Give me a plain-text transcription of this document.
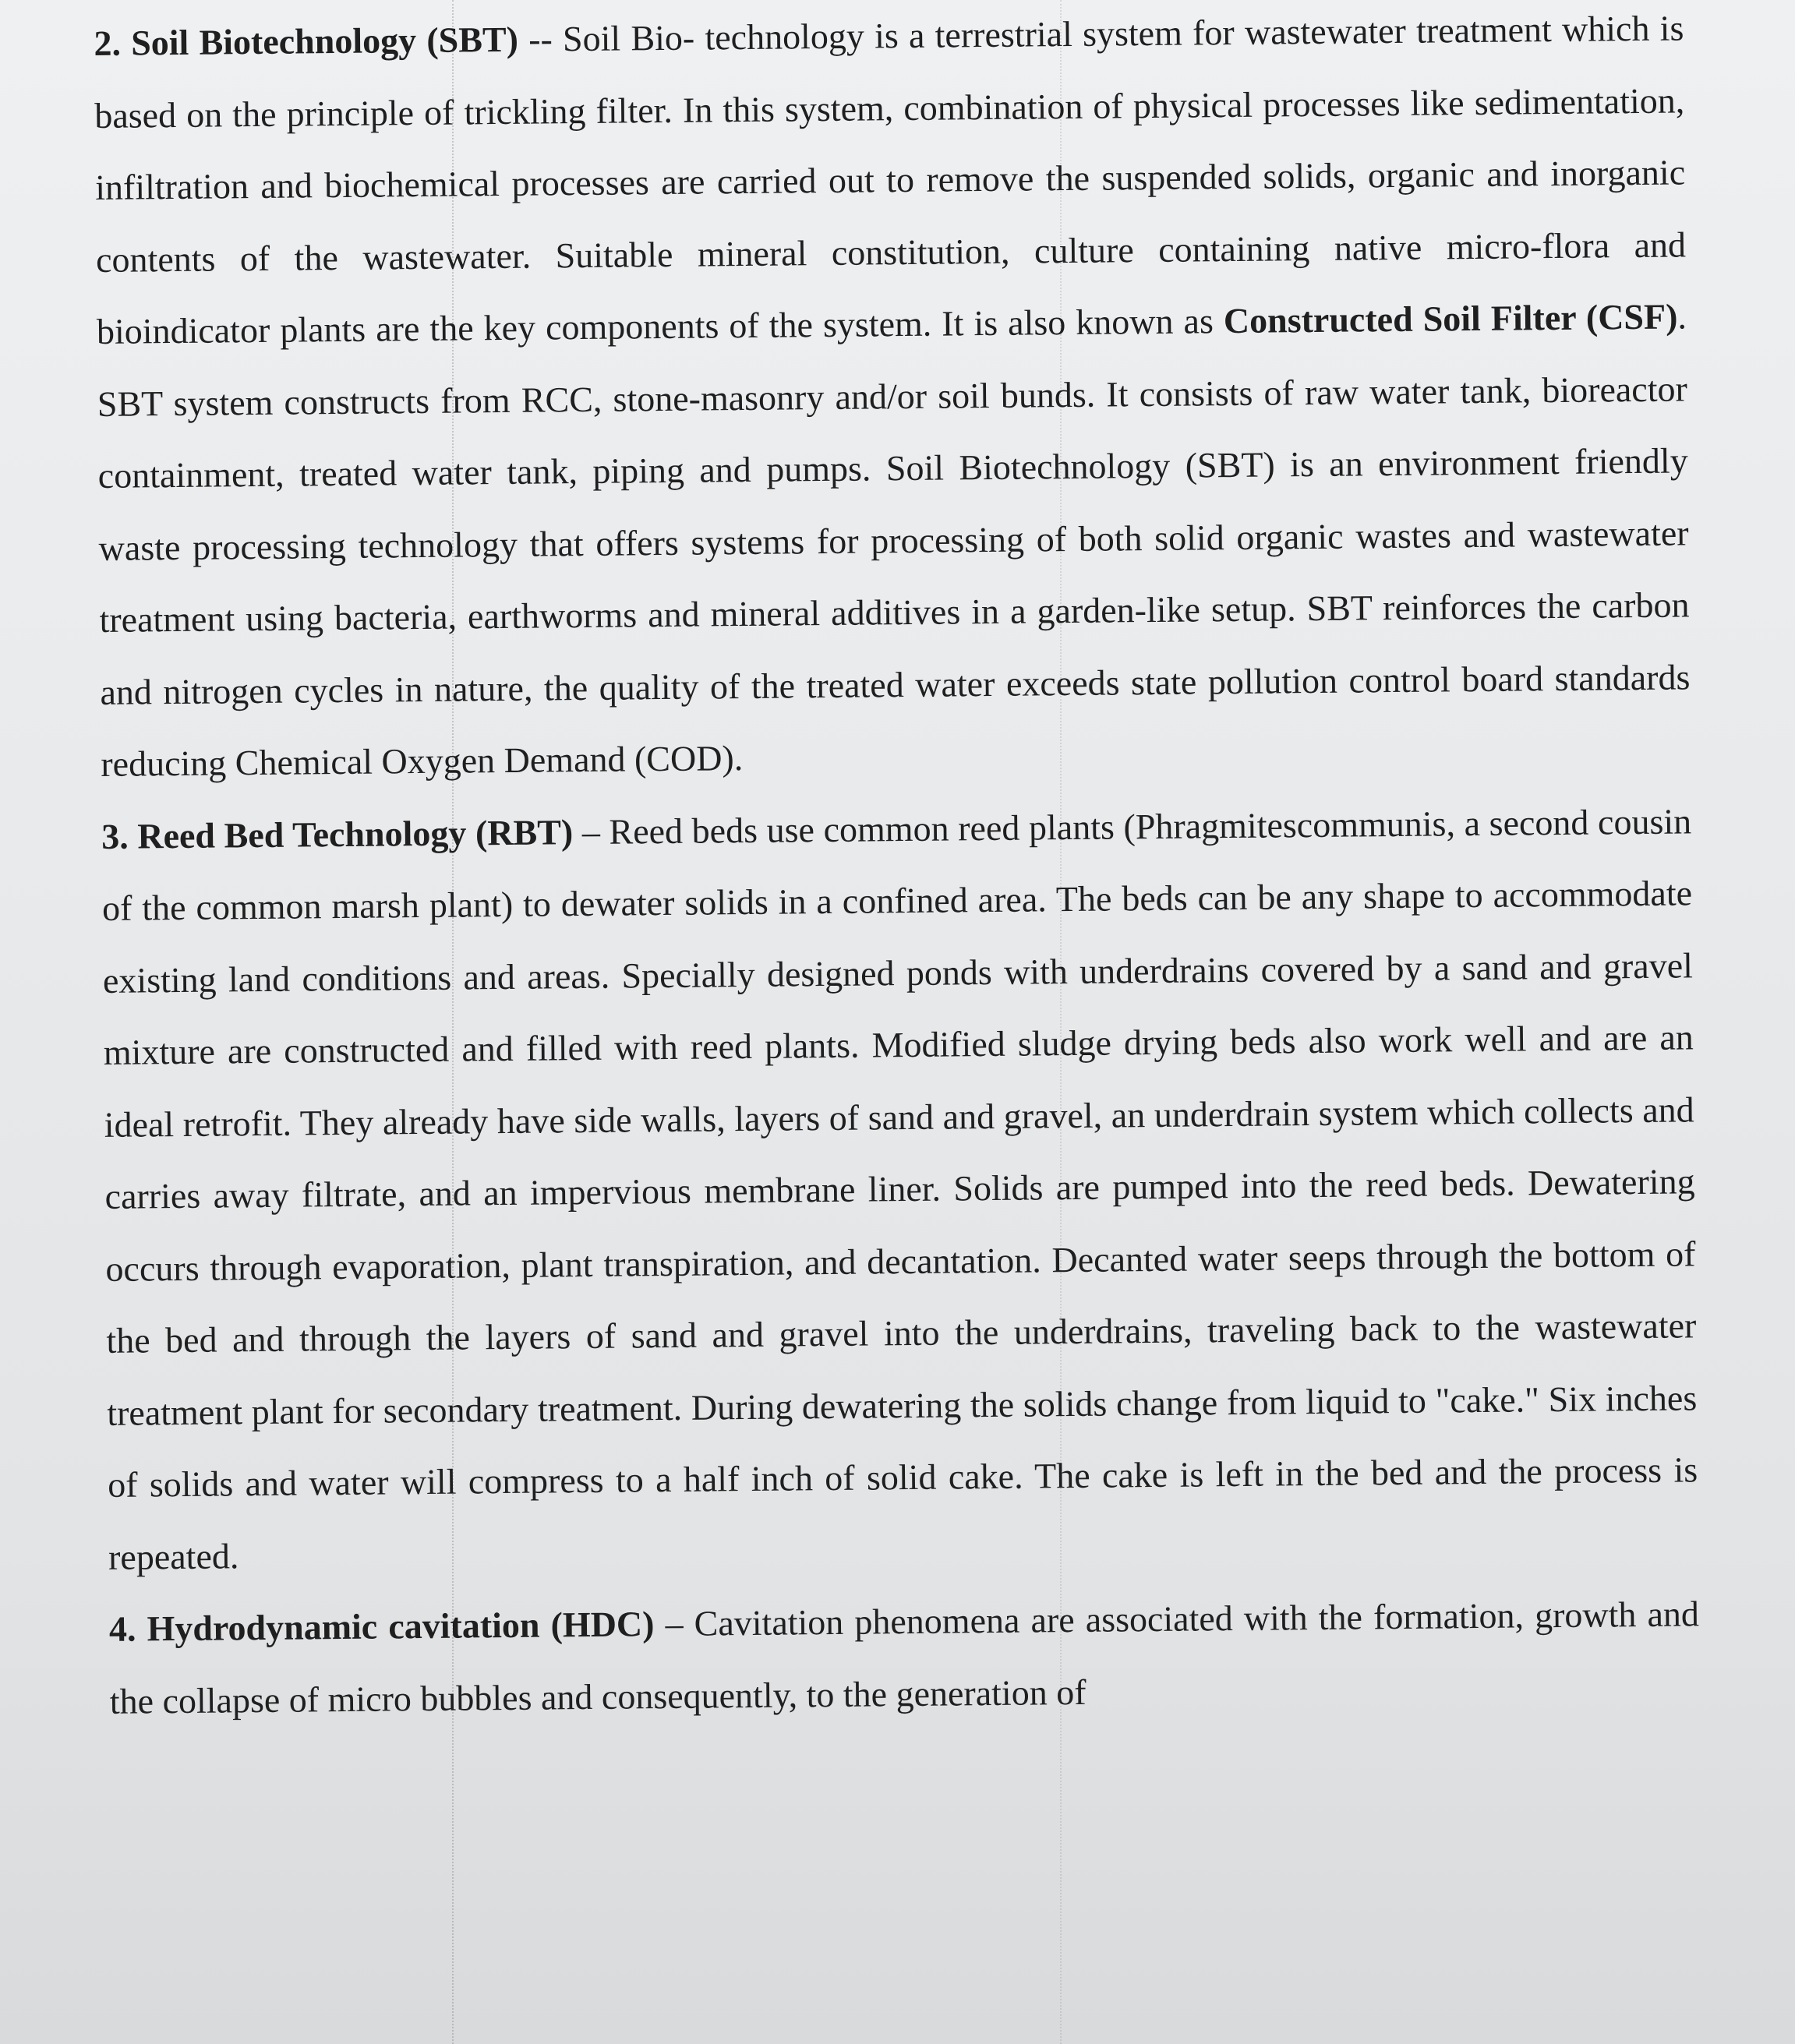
2. Soil Biotechnology (SBT) -- Soil Bio- technology is a terrestrial system for wastewater treatment which is based on the principle of trickling filter. In this system, combination of physical processes like sedimentation, infiltration and biochemical processes are carried out to remove the suspended solids, organic and inorganic contents of the wastewater. Suitable mineral constitution, culture containing native micro-flora and bioindicator plants are the key components of the system. It is also known as Constructed Soil Filter (CSF). SBT system constructs from RCC, stone-masonry and/or soil bunds. It consists of raw water tank, bioreactor containment, treated water tank, piping and pumps. Soil Biotechnology (SBT) is an environment friendly waste processing technology that offers systems for processing of both solid organic wastes and wastewater treatment using bacteria, earthworms and mineral additives in a garden-like setup. SBT reinforces the carbon and nitrogen cycles in nature, the quality of the treated water exceeds state pollution control board standards reducing Chemical Oxygen Demand (COD).

3. Reed Bed Technology (RBT) – Reed beds use common reed plants (Phragmitescommunis, a second cousin of the common marsh plant) to dewater solids in a confined area. The beds can be any shape to accommodate existing land conditions and areas. Specially designed ponds with underdrains covered by a sand and gravel mixture are constructed and filled with reed plants. Modified sludge drying beds also work well and are an ideal retrofit. They already have side walls, layers of sand and gravel, an underdrain system which collects and carries away filtrate, and an impervious membrane liner. Solids are pumped into the reed beds. Dewatering occurs through evaporation, plant transpiration, and decantation. Decanted water seeps through the bottom of the bed and through the layers of sand and gravel into the underdrains, traveling back to the wastewater treatment plant for secondary treatment. During dewatering the solids change from liquid to "cake." Six inches of solids and water will compress to a half inch of solid cake. The cake is left in the bed and the process is repeated.

4. Hydrodynamic cavitation (HDC) – Cavitation phenomena are associated with the formation, growth and the collapse of micro bubbles and consequently, to the generation of
